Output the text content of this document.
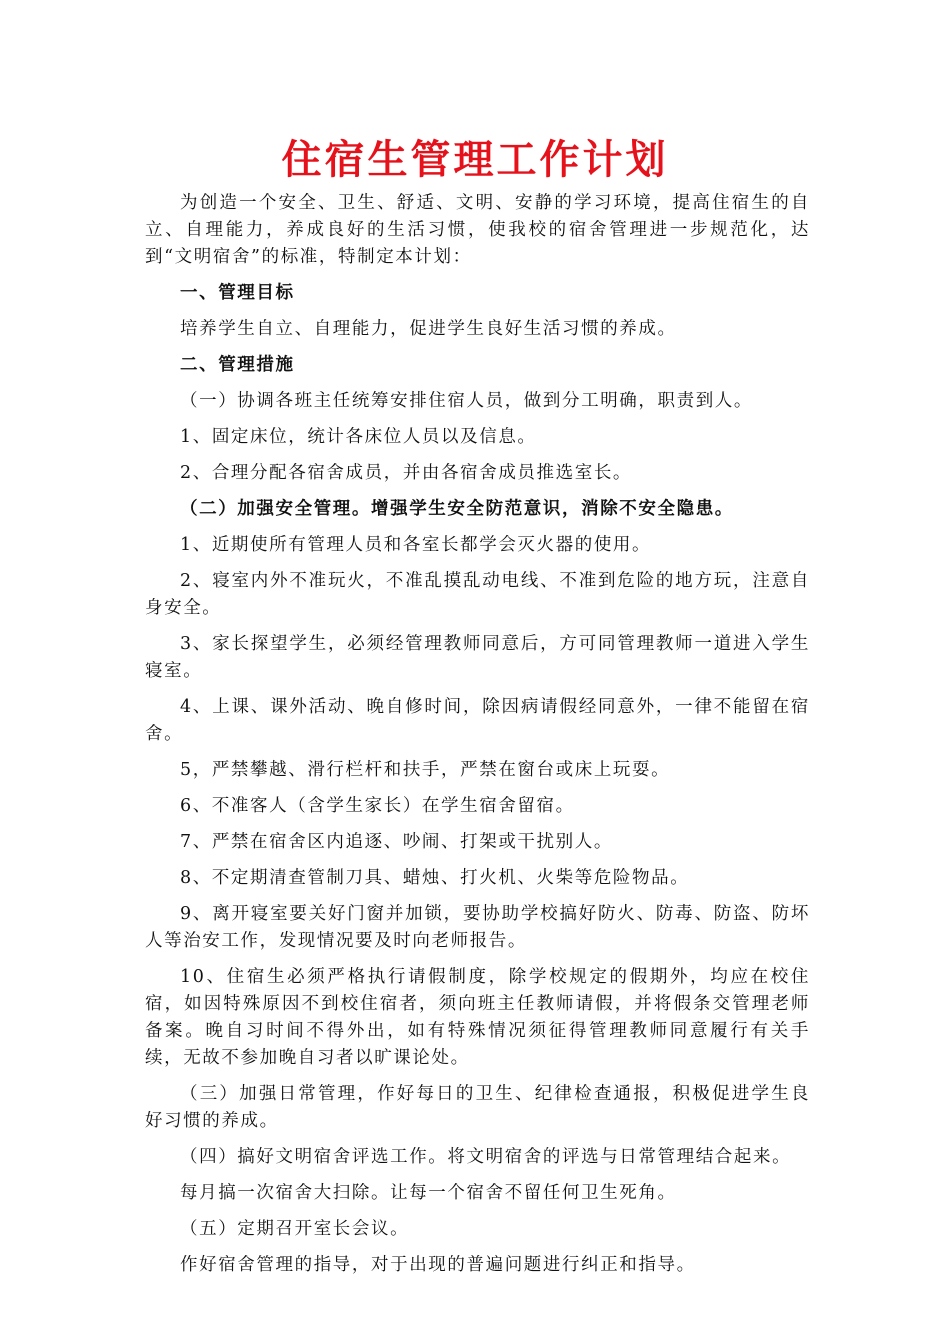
住宿生管理工作计划

为创造一个安全、卫生、舒适、文明、安静的学习环境，提高住宿生的自立、自理能力，养成良好的生活习惯，使我校的宿舍管理进一步规范化，达到“文明宿舍”的标准，特制定本计划：

一、管理目标

培养学生自立、自理能力，促进学生良好生活习惯的养成。

二、管理措施

（一）协调各班主任统筹安排住宿人员，做到分工明确，职责到人。

1、固定床位，统计各床位人员以及信息。

2、合理分配各宿舍成员，并由各宿舍成员推选室长。

（二）加强安全管理。增强学生安全防范意识，消除不安全隐患。

1、近期使所有管理人员和各室长都学会灭火器的使用。

2、寝室内外不准玩火，不准乱摸乱动电线、不准到危险的地方玩，注意自身安全。

3、家长探望学生，必须经管理教师同意后，方可同管理教师一道进入学生寝室。

4、上课、课外活动、晚自修时间，除因病请假经同意外，一律不能留在宿舍。

5，严禁攀越、滑行栏杆和扶手，严禁在窗台或床上玩耍。

6、不准客人（含学生家长）在学生宿舍留宿。

7、严禁在宿舍区内追逐、吵闹、打架或干扰别人。

8、不定期清查管制刀具、蜡烛、打火机、火柴等危险物品。

9、离开寝室要关好门窗并加锁，要协助学校搞好防火、防毒、防盗、防坏人等治安工作，发现情况要及时向老师报告。

10、住宿生必须严格执行请假制度，除学校规定的假期外，均应在校住宿，如因特殊原因不到校住宿者，须向班主任教师请假，并将假条交管理老师备案。晚自习时间不得外出，如有特殊情况须征得管理教师同意履行有关手续，无故不参加晚自习者以旷课论处。

（三）加强日常管理，作好每日的卫生、纪律检查通报，积极促进学生良好习惯的养成。

（四）搞好文明宿舍评选工作。将文明宿舍的评选与日常管理结合起来。

每月搞一次宿舍大扫除。让每一个宿舍不留任何卫生死角。

（五）定期召开室长会议。

作好宿舍管理的指导，对于出现的普遍问题进行纠正和指导。
